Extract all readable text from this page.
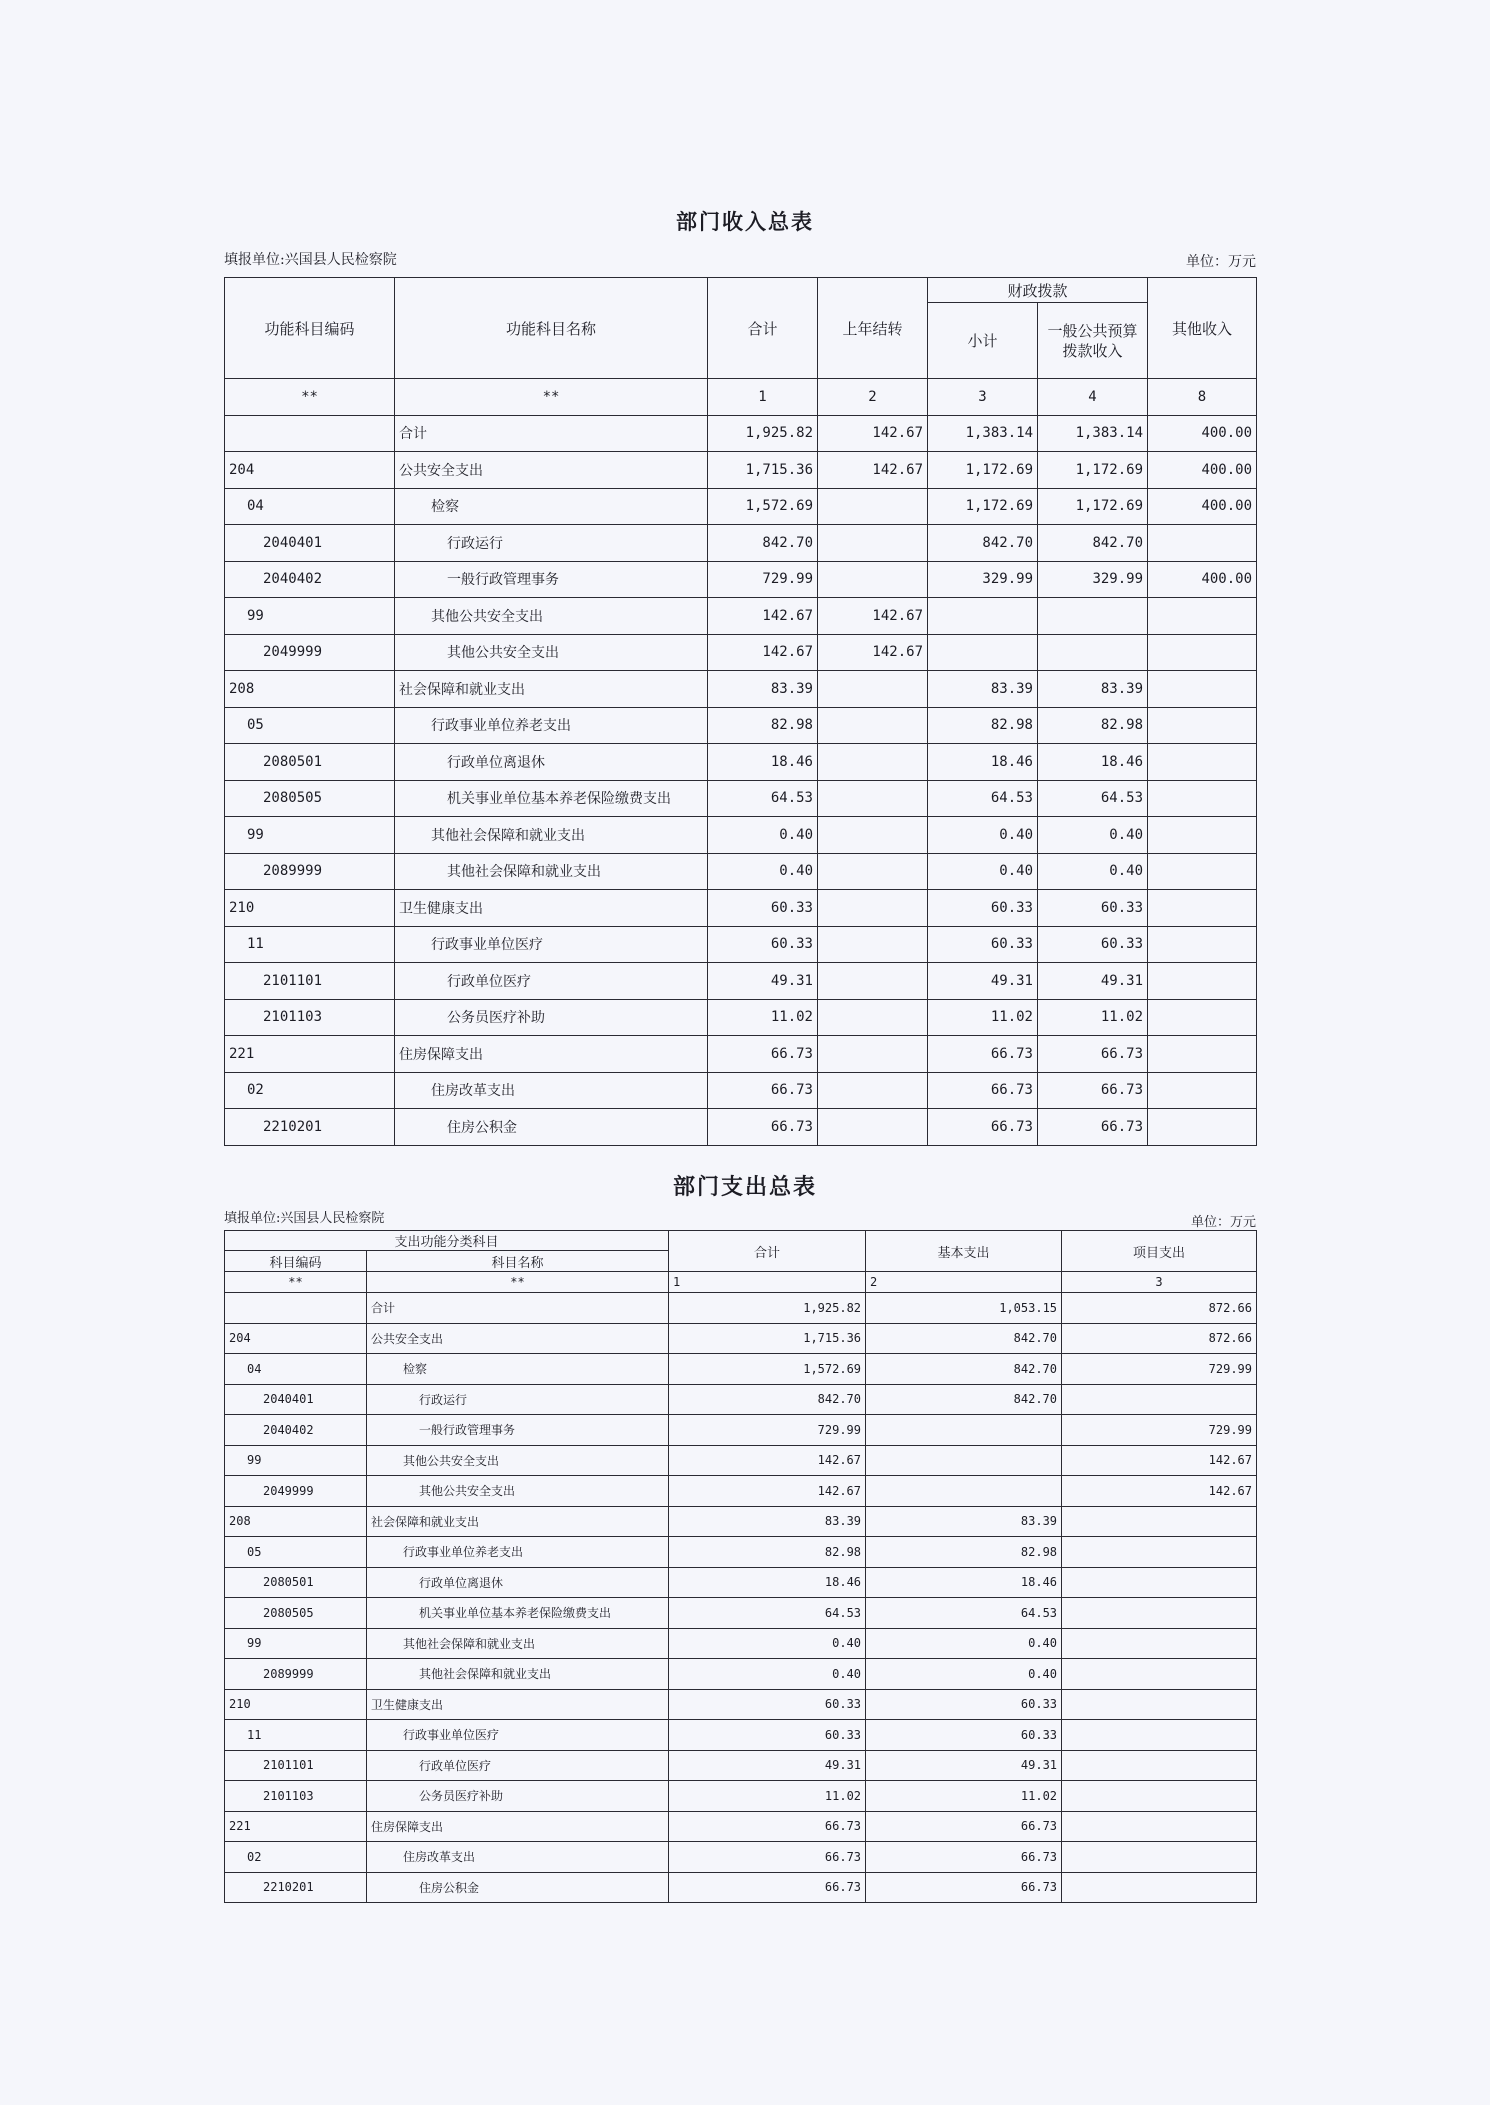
部门收入总表
填报单位:兴国县人民检察院	单位：万元
功能科目编码	功能科目名称	合计	上年结转	财政拨款		其他收入
				小计	一般公共预算
拨款收入	

**	**	1	2	3	4	8
	合计	1,925.82	142.67	1,383.14	1,383.14	400.00
204	公共安全支出	1,715.36	142.67	1,172.69	1,172.69	400.00
04	检察	1,572.69		1,172.69	1,172.69	400.00
2040401	行政运行	842.70		842.70	842.70	
2040402	一般行政管理事务	729.99		329.99	329.99	400.00
99	其他公共安全支出	142.67	142.67			
2049999	其他公共安全支出	142.67	142.67			
208	社会保障和就业支出	83.39		83.39	83.39	
05	行政事业单位养老支出	82.98		82.98	82.98	
2080501	行政单位离退休	18.46		18.46	18.46	
2080505	机关事业单位基本养老保险缴费支出	64.53		64.53	64.53	
99	其他社会保障和就业支出	0.40		0.40	0.40	
2089999	其他社会保障和就业支出	0.40		0.40	0.40	
210	卫生健康支出	60.33		60.33	60.33	
11	行政事业单位医疗	60.33		60.33	60.33	
2101101	行政单位医疗	49.31		49.31	49.31	
2101103	公务员医疗补助	11.02		11.02	11.02	
221	住房保障支出	66.73		66.73	66.73	
02	住房改革支出	66.73		66.73	66.73	
2210201	住房公积金	66.73		66.73	66.73	
部门支出总表
填报单位:兴国县人民检察院	单位：万元
支出功能分类科目		合计	基本支出	项目支出
科目编码	科目名称			
**	**	1	2	3
	合计	1,925.82	1,053.15	872.66
204	公共安全支出	1,715.36	842.70	872.66
04	检察	1,572.69	842.70	729.99
2040401	行政运行	842.70	842.70	
2040402	一般行政管理事务	729.99		729.99
99	其他公共安全支出	142.67		142.67
2049999	其他公共安全支出	142.67		142.67
208	社会保障和就业支出	83.39	83.39	
05	行政事业单位养老支出	82.98	82.98	
2080501	行政单位离退休	18.46	18.46	
2080505	机关事业单位基本养老保险缴费支出	64.53	64.53	
99	其他社会保障和就业支出	0.40	0.40	
2089999	其他社会保障和就业支出	0.40	0.40	
210	卫生健康支出	60.33	60.33	
11	行政事业单位医疗	60.33	60.33	
2101101	行政单位医疗	49.31	49.31	
2101103	公务员医疗补助	11.02	11.02	
221	住房保障支出	66.73	66.73	
02	住房改革支出	66.73	66.73	
2210201	住房公积金	66.73	66.73	
